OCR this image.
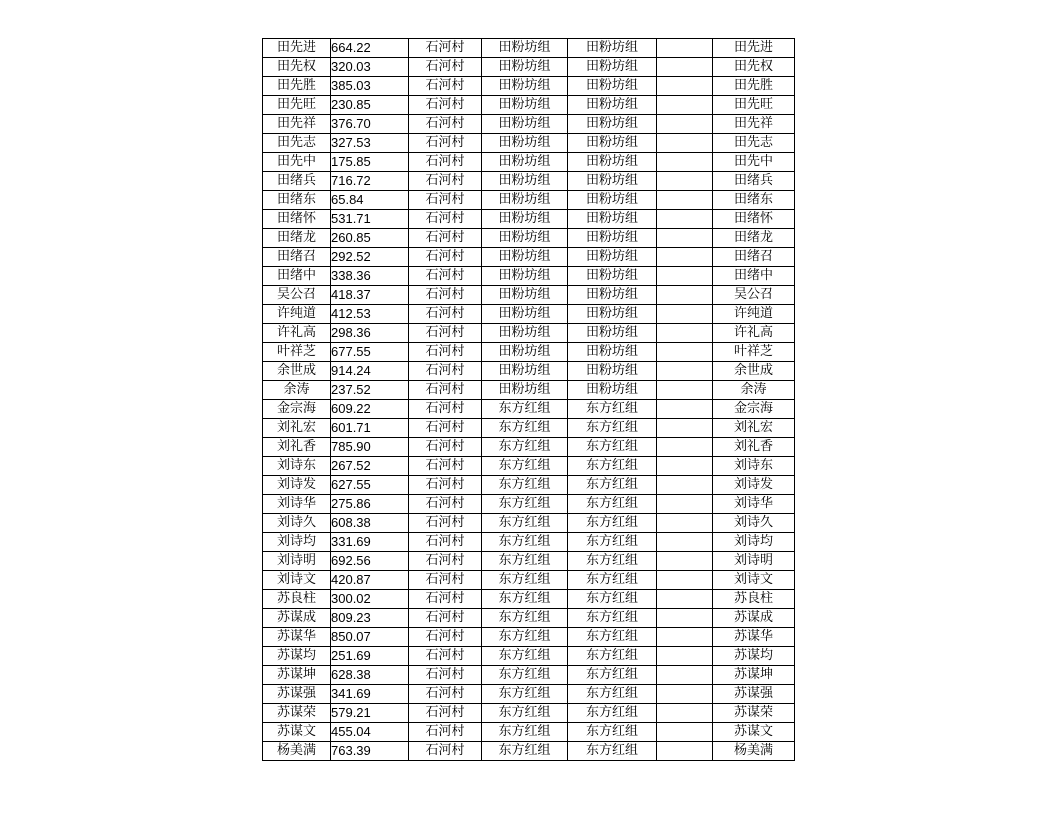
田先进	664.22	石河村	田粉坊组	田粉坊组		田先进
田先权	320.03	石河村	田粉坊组	田粉坊组		田先权
田先胜	385.03	石河村	田粉坊组	田粉坊组		田先胜
田先旺	230.85	石河村	田粉坊组	田粉坊组		田先旺
田先祥	376.70	石河村	田粉坊组	田粉坊组		田先祥
田先志	327.53	石河村	田粉坊组	田粉坊组		田先志
田先中	175.85	石河村	田粉坊组	田粉坊组		田先中
田绪兵	716.72	石河村	田粉坊组	田粉坊组		田绪兵
田绪东	65.84	石河村	田粉坊组	田粉坊组		田绪东
田绪怀	531.71	石河村	田粉坊组	田粉坊组		田绪怀
田绪龙	260.85	石河村	田粉坊组	田粉坊组		田绪龙
田绪召	292.52	石河村	田粉坊组	田粉坊组		田绪召
田绪中	338.36	石河村	田粉坊组	田粉坊组		田绪中
吴公召	418.37	石河村	田粉坊组	田粉坊组		吴公召
许纯道	412.53	石河村	田粉坊组	田粉坊组		许纯道
许礼高	298.36	石河村	田粉坊组	田粉坊组		许礼高
叶祥芝	677.55	石河村	田粉坊组	田粉坊组		叶祥芝
余世成	914.24	石河村	田粉坊组	田粉坊组		余世成
余涛	237.52	石河村	田粉坊组	田粉坊组		余涛
金宗海	609.22	石河村	东方红组	东方红组		金宗海
刘礼宏	601.71	石河村	东方红组	东方红组		刘礼宏
刘礼香	785.90	石河村	东方红组	东方红组		刘礼香
刘诗东	267.52	石河村	东方红组	东方红组		刘诗东
刘诗发	627.55	石河村	东方红组	东方红组		刘诗发
刘诗华	275.86	石河村	东方红组	东方红组		刘诗华
刘诗久	608.38	石河村	东方红组	东方红组		刘诗久
刘诗均	331.69	石河村	东方红组	东方红组		刘诗均
刘诗明	692.56	石河村	东方红组	东方红组		刘诗明
刘诗文	420.87	石河村	东方红组	东方红组		刘诗文
苏良柱	300.02	石河村	东方红组	东方红组		苏良柱
苏谋成	809.23	石河村	东方红组	东方红组		苏谋成
苏谋华	850.07	石河村	东方红组	东方红组		苏谋华
苏谋均	251.69	石河村	东方红组	东方红组		苏谋均
苏谋坤	628.38	石河村	东方红组	东方红组		苏谋坤
苏谋强	341.69	石河村	东方红组	东方红组		苏谋强
苏谋荣	579.21	石河村	东方红组	东方红组		苏谋荣
苏谋文	455.04	石河村	东方红组	东方红组		苏谋文
杨美满	763.39	石河村	东方红组	东方红组		杨美满
